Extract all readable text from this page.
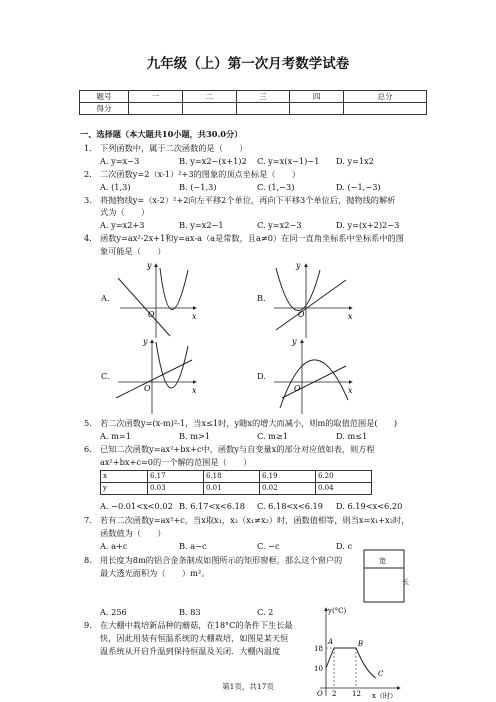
九年级（上）第一次月考数学试卷
题号	一	二	三	四	总分
得分					
一、选择题（本大题共10小题，共30.0分）
1. 下列函数中，属于二次函数的是（　　）
A. y=x−3	B. y=x2−(x+1)2 C. y=x(x−1)−1 D. y=1x2
2. 二次函数y=2（x-1）²+3的图象的顶点坐标是（　　）
A. (1,3)	B. (−1,3)	C. (1,−3)	D. (−1,−3)
3. 将抛物线y=（x-2）²+2向左平移2个单位，再向下平移3个单位后，抛物线的解析
式为（　　）
A. y=x2+3	B. y=x2−1	C. y=x2−3	D. y=(x+2)2−3
4. 函数y=ax²-2x+1和y=ax-a（a是常数，且a≠0）在同一直角坐标系中坐标系中的图
象可能是（　　）
A.	B.
C.	D.
y
x
O
y
x
O
y
x
O
y
x
O
5. 若二次函数y=(x-m)²-1，当x≤1时，y随x的增大而减小，则m的取值范围是(　　)
A. m=1	B. m>1	C. m≥1	D. m≤1
6. 已知二次函数y=ax²+bx+c中，函数y与自变量x的部分对应值如表，则方程
ax²+bx+c=0的一个解的范围是（　　）
x	6.17	6.18	6.19	6.20
y	0.03	0.01	0.02	0.04
A. −0.01<x<0.02 B. 6.17<x<6.18 C. 6.18<x<6.19 D. 6.19<x<6.20
7. 若有二次函数y=ax²+c，当x取x₁，x₂（x₁≠x₂）时，函数值相等，则当x=x₁+x₂时，
函数值为（　　）
A. a+c	B. a−c	C. −c	D. c
8. 用长度为8m的铝合金条制成如图所示的矩形窗框，那么这个窗户的
最大透光面积为（　　）m²。
宽
长
A. 256	B. 83	C. 2
9. 在大棚中栽培新品种的蘑菇，在18°C的条件下生长最
快，因此用装有恒温系统的大棚栽培，如图是某天恒
温系统从开启升温到保持恒温及关闭．大棚内温度
y(°C)
x（时）
18
10
O 2 12
A	B
C
第1页，共17页
